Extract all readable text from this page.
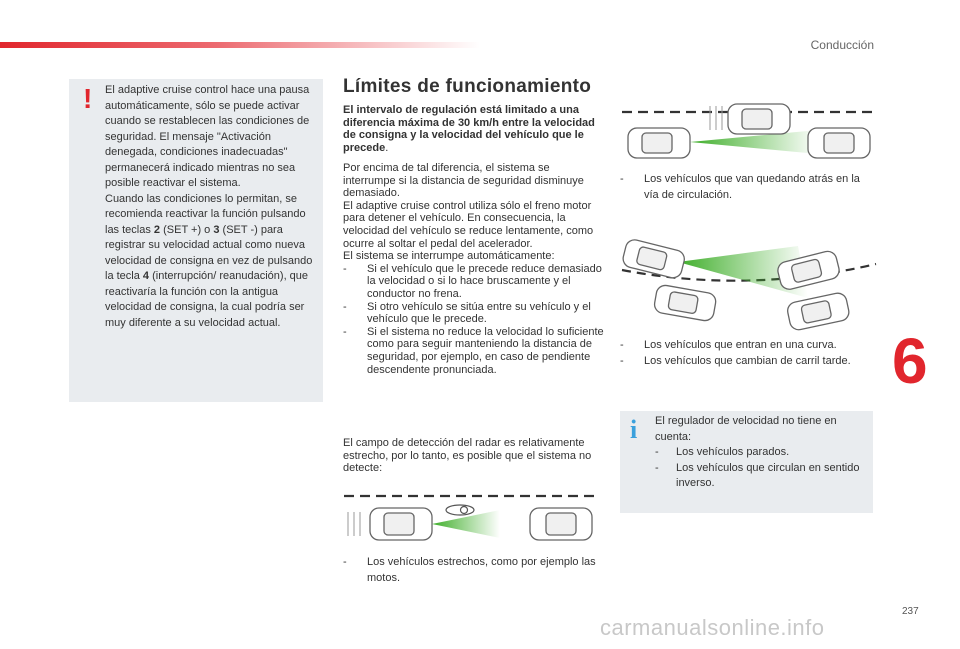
Conducción
6
! El adaptive cruise control hace una pausa automáticamente, sólo se puede activar cuando se restablecen las condiciones de seguridad. El mensaje "Activación denegada, condiciones inadecuadas" permanecerá indicado mientras no sea posible reactivar el sistema.
Cuando las condiciones lo permitan, se recomienda reactivar la función pulsando las teclas 2 (SET +) o 3 (SET -) para registrar su velocidad actual como nueva velocidad de consigna en vez de pulsando la tecla 4 (interrupción/ reanudación), que reactivaría la función con la antigua velocidad de consigna, la cual podría ser muy diferente a su velocidad actual.
Límites de funcionamiento
El intervalo de regulación está limitado a una diferencia máxima de 30 km/h entre la velocidad de consigna y la velocidad del vehículo que le precede.

Por encima de tal diferencia, el sistema se interrumpe si la distancia de seguridad disminuye demasiado.

El adaptive cruise control utiliza sólo el freno motor para detener el vehículo. En consecuencia, la velocidad del vehículo se reduce lentamente, como ocurre al soltar el pedal del acelerador.

El sistema se interrumpe automáticamente:

- Si el vehículo que le precede reduce demasiado la velocidad o si lo hace bruscamente y el conductor no frena.
- Si otro vehículo se sitúa entre su vehículo y el vehículo que le precede.
- Si el sistema no reduce la velocidad lo suficiente como para seguir manteniendo la distancia de seguridad, por ejemplo, en caso de pendiente descendente pronunciada.
El campo de detección del radar es relativamente estrecho, por lo tanto, es posible que el sistema no detecte:
- Los vehículos estrechos, como por ejemplo las motos.
- Los vehículos que van quedando atrás en la vía de circulación.
- Los vehículos que entran en una curva.
- Los vehículos que cambian de carril tarde.
i El regulador de velocidad no tiene en cuenta:
- Los vehículos parados.
- Los vehículos que circulan en sentido inverso.
237
carmanualsonline.info
